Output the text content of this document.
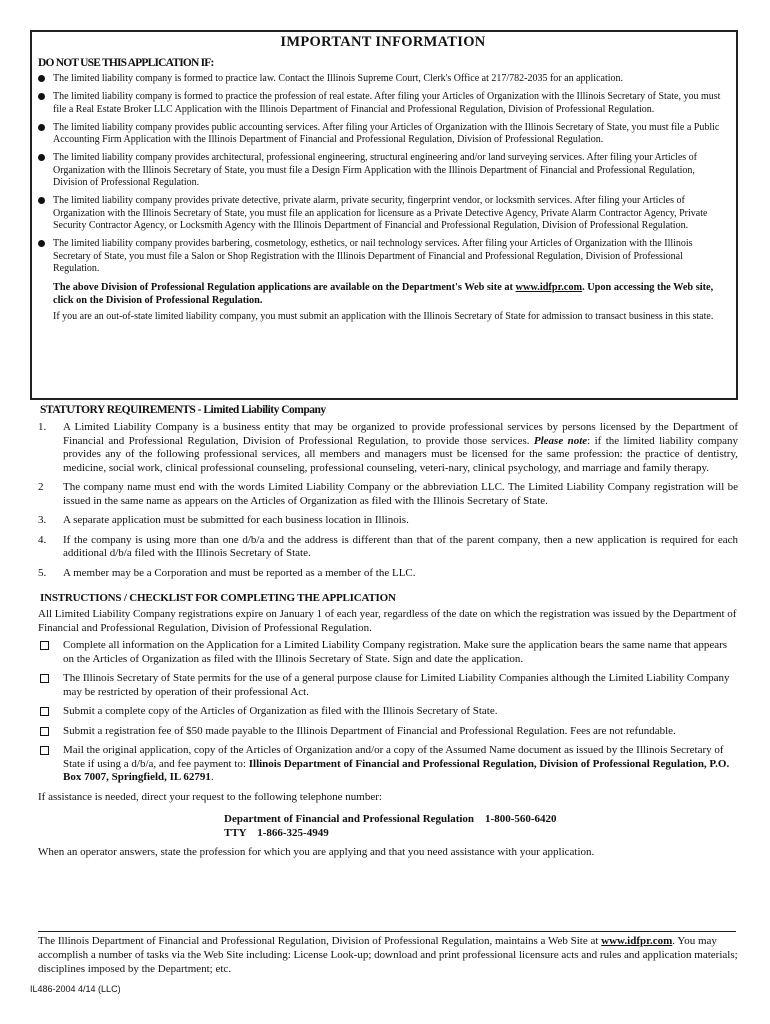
IMPORTANT INFORMATION
DO NOT USE THIS APPLICATION IF:
The limited liability company is formed to practice law. Contact the Illinois Supreme Court, Clerk's Office at 217/782-2035 for an application.
The limited liability company is formed to practice the profession of real estate. After filing your Articles of Organization with the Illinois Secretary of State, you must file a Real Estate Broker LLC Application with the Illinois Department of Financial and Professional Regulation, Division of Professional Regulation.
The limited liability company provides public accounting services. After filing your Articles of Organization with the Illinois Secretary of State, you must file a Public Accounting Firm Application with the Illinois Department of Financial and Professional Regulation, Division of Professional Regulation.
The limited liability company provides architectural, professional engineering, structural engineering and/or land surveying services. After filing your Articles of Organization with the Illinois Secretary of State, you must file a Design Firm Application with the Illinois Department of Financial and Professional Regulation, Division of Professional Regulation.
The limited liability company provides private detective, private alarm, private security, fingerprint vendor, or locksmith services. After filing your Articles of Organization with the Illinois Secretary of State, you must file an application for licensure as a Private Detective Agency, Private Alarm Contractor Agency, Private Security Contractor Agency, or Locksmith Agency with the Illinois Department of Financial and Professional Regulation, Division of Professional Regulation.
The limited liability company provides barbering, cosmetology, esthetics, or nail technology services. After filing your Articles of Organization with the Illinois Secretary of State, you must file a Salon or Shop Registration with the Illinois Department of Financial and Professional Regulation, Division of Professional Regulation.

The above Division of Professional Regulation applications are available on the Department's Web site at www.idfpr.com. Upon accessing the Web site, click on the Division of Professional Regulation.

If you are an out-of-state limited liability company, you must submit an application with the Illinois Secretary of State for admission to transact business in this state.

STATUTORY REQUIREMENTS - Limited Liability Company
1. A Limited Liability Company is a business entity that may be organized to provide professional services by persons licensed by the Department of Financial and Professional Regulation, Division of Professional Regulation, to provide those services. Please note: if the limited liability company provides any of the following professional services, all members and managers must be licensed for the same profession: the practice of dentistry, medicine, social work, clinical professional counseling, professional counseling, veteri-nary, clinical psychology, and marriage and family therapy.
2 The company name must end with the words Limited Liability Company or the abbreviation LLC. The Limited Liability Company registration will be issued in the same name as appears on the Articles of Organization as filed with the Illinois Secretary of State.
3. A separate application must be submitted for each business location in Illinois.
4. If the company is using more than one d/b/a and the address is different than that of the parent company, then a new application is required for each additional d/b/a filed with the Illinois Secretary of State.
5. A member may be a Corporation and must be reported as a member of the LLC.
INSTRUCTIONS / CHECKLIST FOR COMPLETING THE APPLICATION

All Limited Liability Company registrations expire on January 1 of each year, regardless of the date on which the registration was issued by the Department of Financial and Professional Regulation, Division of Professional Regulation.

Complete all information on the Application for a Limited Liability Company registration. Make sure the application bears the same name that appears on the Articles of Organization as filed with the Illinois Secretary of State. Sign and date the application.
The Illinois Secretary of State permits for the use of a general purpose clause for Limited Liability Companies although the Limited Liability Company may be restricted by operation of their professional Act.
Submit a complete copy of the Articles of Organization as filed with the Illinois Secretary of State.
Submit a registration fee of $50 made payable to the Illinois Department of Financial and Professional Regulation. Fees are not refundable.
Mail the original application, copy of the Articles of Organization and/or a copy of the Assumed Name document as issued by the Illinois Secretary of State if using a d/b/a, and fee payment to: Illinois Department of Financial and Professional Regulation, Division of Professional Regulation, P.O. Box 7007, Springfield, IL 62791.

If assistance is needed, direct your request to the following telephone number:

Department of Financial and Professional Regulation    1-800-560-6420
TTY    1-866-325-4949

When an operator answers, state the profession for which you are applying and that you need assistance with your application.

The Illinois Department of Financial and Professional Regulation, Division of Professional Regulation, maintains a Web Site at www.idfpr.com. You may accomplish a number of tasks via the Web Site including: License Look-up; download and print professional licensure acts and rules and application materials; disciplines imposed by the Department; etc.
IL486-2004 4/14 (LLC)
